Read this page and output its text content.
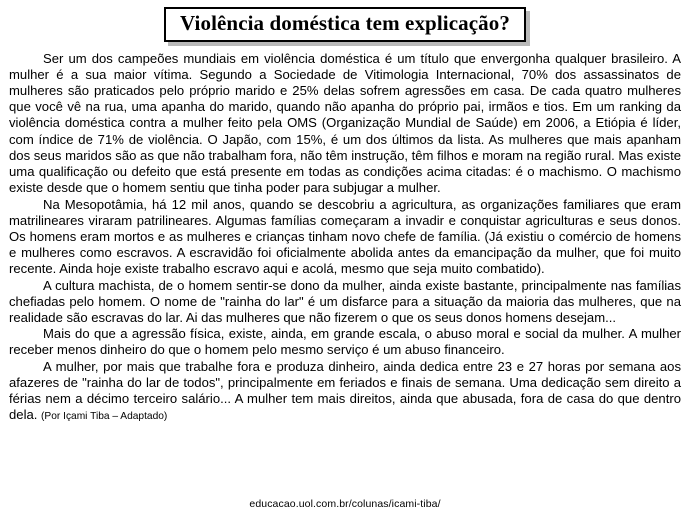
Violência doméstica tem explicação?

Ser um dos campeões mundiais em violência doméstica é um título que envergonha qualquer brasileiro. A mulher é a sua maior vítima. Segundo a Sociedade de Vitimologia Internacional, 70% dos assassinatos de mulheres são praticados pelo próprio marido e 25% delas sofrem agressões em casa. De cada quatro mulheres que você vê na rua, uma apanha do marido, quando não apanha do próprio pai, irmãos e tios. Em um ranking da violência doméstica contra a mulher feito pela OMS (Organização Mundial de Saúde) em 2006, a Etiópia é líder, com índice de 71% de violência. O Japão, com 15%, é um dos últimos da lista. As mulheres que mais apanham dos seus maridos são as que não trabalham fora, não têm instrução, têm filhos e moram na região rural. Mas existe uma qualificação ou defeito que está presente em todas as condições acima citadas: é o machismo. O machismo existe desde que o homem sentiu que tinha poder para subjugar a mulher.

Na Mesopotâmia, há 12 mil anos, quando se descobriu a agricultura, as organizações familiares que eram matrilineares viraram patrilineares. Algumas famílias começaram a invadir e conquistar agriculturas e seus donos. Os homens eram mortos e as mulheres e crianças tinham novo chefe de família. (Já existiu o comércio de homens e mulheres como escravos. A escravidão foi oficialmente abolida antes da emancipação da mulher, que foi muito recente. Ainda hoje existe trabalho escravo aqui e acolá, mesmo que seja muito combatido).

A cultura machista, de o homem sentir-se dono da mulher, ainda existe bastante, principalmente nas famílias chefiadas pelo homem. O nome de "rainha do lar" é um disfarce para a situação da maioria das mulheres, que na realidade são escravas do lar. Ai das mulheres que não fizerem o que os seus donos homens desejam...

Mais do que a agressão física, existe, ainda, em grande escala, o abuso moral e social da mulher. A mulher receber menos dinheiro do que o homem pelo mesmo serviço é um abuso financeiro.

A mulher, por mais que trabalhe fora e produza dinheiro, ainda dedica entre 23 e 27 horas por semana aos afazeres de "rainha do lar de todos", principalmente em feriados e finais de semana. Uma dedicação sem direito a férias nem a décimo terceiro salário... A mulher tem mais direitos, ainda que abusada, fora de casa do que dentro dela. (Por Içami Tiba – Adaptado)

educacao.uol.com.br/colunas/icami-tiba/
